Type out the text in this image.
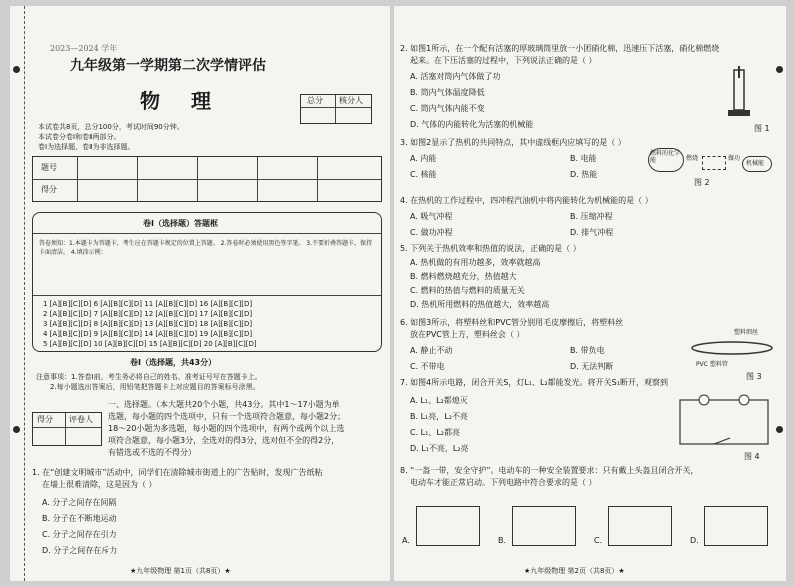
2023—2024 学年
九年级第一学期第二次学情评估
物 理	总分 核分人
本试卷共8页，总分100分，考试时间90分钟。
本试卷分卷Ⅰ和卷Ⅱ两部分。
卷Ⅰ为选择题，卷Ⅱ为非选择题。
题号
得分
卷Ⅰ（选择题）答题框
答卷须知：1.本题卡为答题卡，考生应在答题卡规定的位置上答题。 2.答卷时必须使用黑色签字笔。 3.不要折叠答题卡，保持卡面清洁。 4.填涂示例：
1 [A][B][C][D] 6 [A][B][C][D] 11 [A][B][C][D] 16 [A][B][C][D]
2 [A][B][C][D] 7 [A][B][C][D] 12 [A][B][C][D] 17 [A][B][C][D]
3 [A][B][C][D] 8 [A][B][C][D] 13 [A][B][C][D] 18 [A][B][C][D]
4 [A][B][C][D] 9 [A][B][C][D] 14 [A][B][C][D] 19 [A][B][C][D]
5 [A][B][C][D] 10 [A][B][C][D] 15 [A][B][C][D] 20 [A][B][C][D]
卷Ⅰ（选择题，共43分）
注意事项：1.答卷Ⅰ前，考生务必将自己的姓名、准考证号写在答题卡上。
2.每小题选出答案后，用铅笔把答题卡上对应题目的答案标号涂黑。
得分 评卷人
一、选择题。（本大题共20个小题，共43分。其中1～17小题为单
选题，每小题的四个选项中，只有一个选项符合题意，每小题2分；
18～20小题为多选题，每小题的四个选项中，有两个或两个以上选
项符合题意，每小题3分，全选对的得3分，选对但不全的得2分，
有错选或不选的不得分）
1. 在“创建文明城市”活动中，同学们在清除城市街道上的广告贴时，发现广告纸粘
在墙上很难清除，这是因为（ ）
A. 分子之间存在间隔
B. 分子在不断地运动
C. 分子之间存在引力
D. 分子之间存在斥力
★九年级物理 第1页（共8页）★
2. 如图1所示，在一个配有活塞的厚玻璃筒里放一小团硝化棉，迅速压下活塞，硝化棉燃烧
起来。在下压活塞的过程中，下列说法正确的是（ ）
A. 活塞对筒内气体做了功
B. 筒内气体温度降低
C. 筒内气体内能不变
D. 气体的内能转化为活塞的机械能	图 1
3. 如图2显示了热机的共同特点，其中虚线框内应填写的是（ ）
A. 内能	B. 电能
C. 核能	D. 热能
燃料的化学能	燃烧	做功
机械能
图 2
4. 在热机的工作过程中，四冲程汽油机中将内能转化为机械能的是（ ）
A. 吸气冲程	B. 压缩冲程
C. 做功冲程	D. 排气冲程
5. 下列关于热机效率和热值的说法，正确的是（ ）
A. 热机做的有用功越多，效率就越高
B. 燃料燃烧越充分，热值越大
C. 燃料的热值与燃料的质量无关
D. 热机所用燃料的热值越大，效率越高
6. 如图3所示，将塑料丝和PVC管分别用毛皮摩擦后，将塑料丝
放在PVC管上方，塑料丝会（ ）
A. 静止不动	B. 带负电
C. 不带电	D. 无法判断
塑料细丝
PVC 塑料管
图 3
7. 如图4所示电路，闭合开关S，灯L₁、L₂都能发光。将开关S₁断开，观察到
A. L₁、L₂都熄灭
B. L₁亮，L₂不亮
C. L₁、L₂都亮
D. L₁不亮，L₂亮
图 4
8. “一盔一带，安全守护”。电动车的一种安全装置要求：只有戴上头盔且闭合开关，
电动车才能正常启动。下列电路中符合要求的是（ ）
A.	B.	C.	D.
★九年级物理 第2页（共8页）★
